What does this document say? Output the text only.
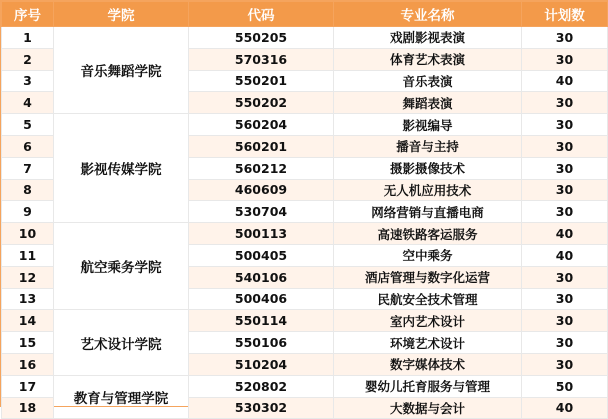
序号	学院	代码	专业名称	计划数
1	音乐舞蹈学院	550205	戏剧影视表演	30
2		570316	体育艺术表演	30
3		550201	音乐表演	40
4		550202	舞蹈表演	30
5	影视传媒学院	560204	影视编导	30
6		560201	播音与主持	30
7		560212	摄影摄像技术	30
8		460609	无人机应用技术	30
9		530704	网络营销与直播电商	30
10	航空乘务学院	500113	高速铁路客运服务	40
11		500405	空中乘务	40
12		540106	酒店管理与数字化运营	30
13		500406	民航安全技术管理	30
14	艺术设计学院	550114	室内艺术设计	30
15		550106	环境艺术设计	30
16		510204	数字媒体技术	30
17	教育与管理学院	520802	婴幼儿托育服务与管理	50
18		530302	大数据与会计	40
